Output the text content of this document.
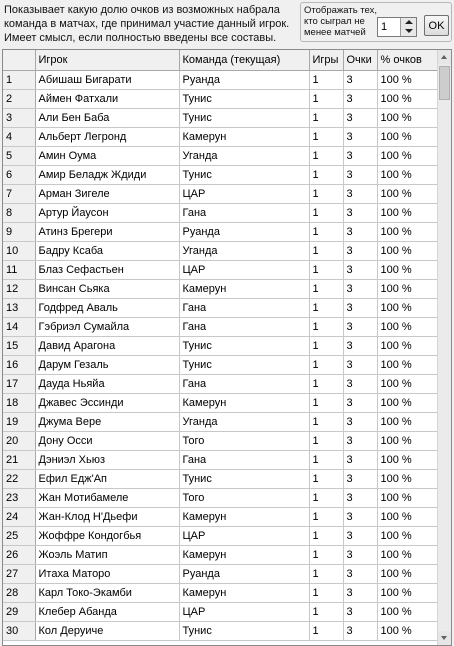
Показывает какую долю очков из возможных набрала команда в матчах, где принимал участие данный игрок. Имеет смысл, если полностью введены все составы.
Отображать тех, кто сыграл не менее матчей
1
OK
	Игрок	Команда (текущая)	Игры	Очки	% очков
1	Абишаш Бигарати	Руанда	1	3	100 %
2	Аймен Фатхали	Тунис	1	3	100 %
3	Али Бен Баба	Тунис	1	3	100 %
4	Альберт Легронд	Камерун	1	3	100 %
5	Амин Оума	Уганда	1	3	100 %
6	Амир Беладж Ждиди	Тунис	1	3	100 %
7	Арман Зигеле	ЦАР	1	3	100 %
8	Артур Йаусон	Гана	1	3	100 %
9	Атинз Брегери	Руанда	1	3	100 %
10	Бадру Ксаба	Уганда	1	3	100 %
11	Блаз Сефастьен	ЦАР	1	3	100 %
12	Винсан Сьяка	Камерун	1	3	100 %
13	Годфред Аваль	Гана	1	3	100 %
14	Гэбриэл Сумайла	Гана	1	3	100 %
15	Давид Арагона	Тунис	1	3	100 %
16	Дарум Гезаль	Тунис	1	3	100 %
17	Дауда Ньяйа	Гана	1	3	100 %
18	Джавес Эссинди	Камерун	1	3	100 %
19	Джума Вере	Уганда	1	3	100 %
20	Дону Осси	Того	1	3	100 %
21	Дэниэл Хьюз	Гана	1	3	100 %
22	Ефил Едж'Ап	Тунис	1	3	100 %
23	Жан Мотибамеле	Того	1	3	100 %
24	Жан-Клод Н'Дьефи	Камерун	1	3	100 %
25	Жоффре Кондогбья	ЦАР	1	3	100 %
26	Жоэль Матип	Камерун	1	3	100 %
27	Итаха Маторо	Руанда	1	3	100 %
28	Карл Токо-Экамби	Камерун	1	3	100 %
29	Клебер Абанда	ЦАР	1	3	100 %
30	Кол Деруиче	Тунис	1	3	100 %
